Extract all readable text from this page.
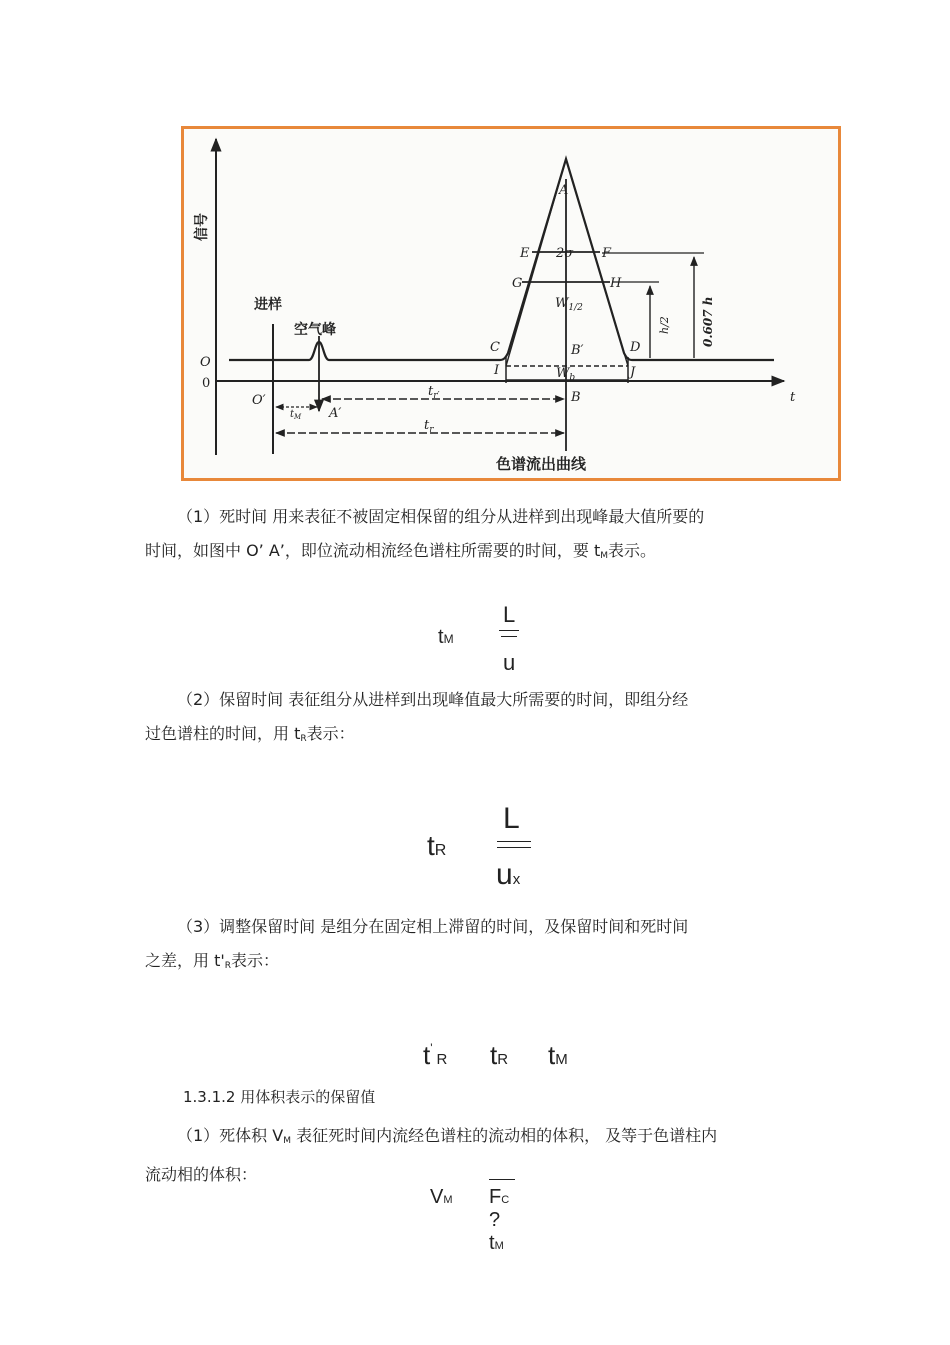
信号
t
O
0
进样
空气峰	h/2	0.607 h
A
E 2σ F
G	H
$W_{1/2}$
C	D
B′
I	J
$W_b$
B
O′
A′
$t_M$
$t_{r'}$
$t_r$
色谱流出曲线
（1）死时间 用来表征不被固定相保留的组分从进样到出现峰最大值所要的
时间，如图中 O’ A’，即位流动相流经色谱柱所需要的时间，要 $t_M$表示。
tM
L
u
（2）保留时间 表征组分从进样到出现峰值最大所需要的时间，即组分经
过色谱柱的时间，用 $t_R$表示：
tR
L
ux
（3）调整保留时间 是组分在固定相上滞留的时间，及保留时间和死时间
之差，用 $t'_R$表示：
t'R tR tM
1.3.1.2 用体积表示的保留值
（1）死体积 $V_M$ 表征死时间内流经色谱柱的流动相的体积， 及等于色谱柱内
流动相的体积：
VM FC ?tM
